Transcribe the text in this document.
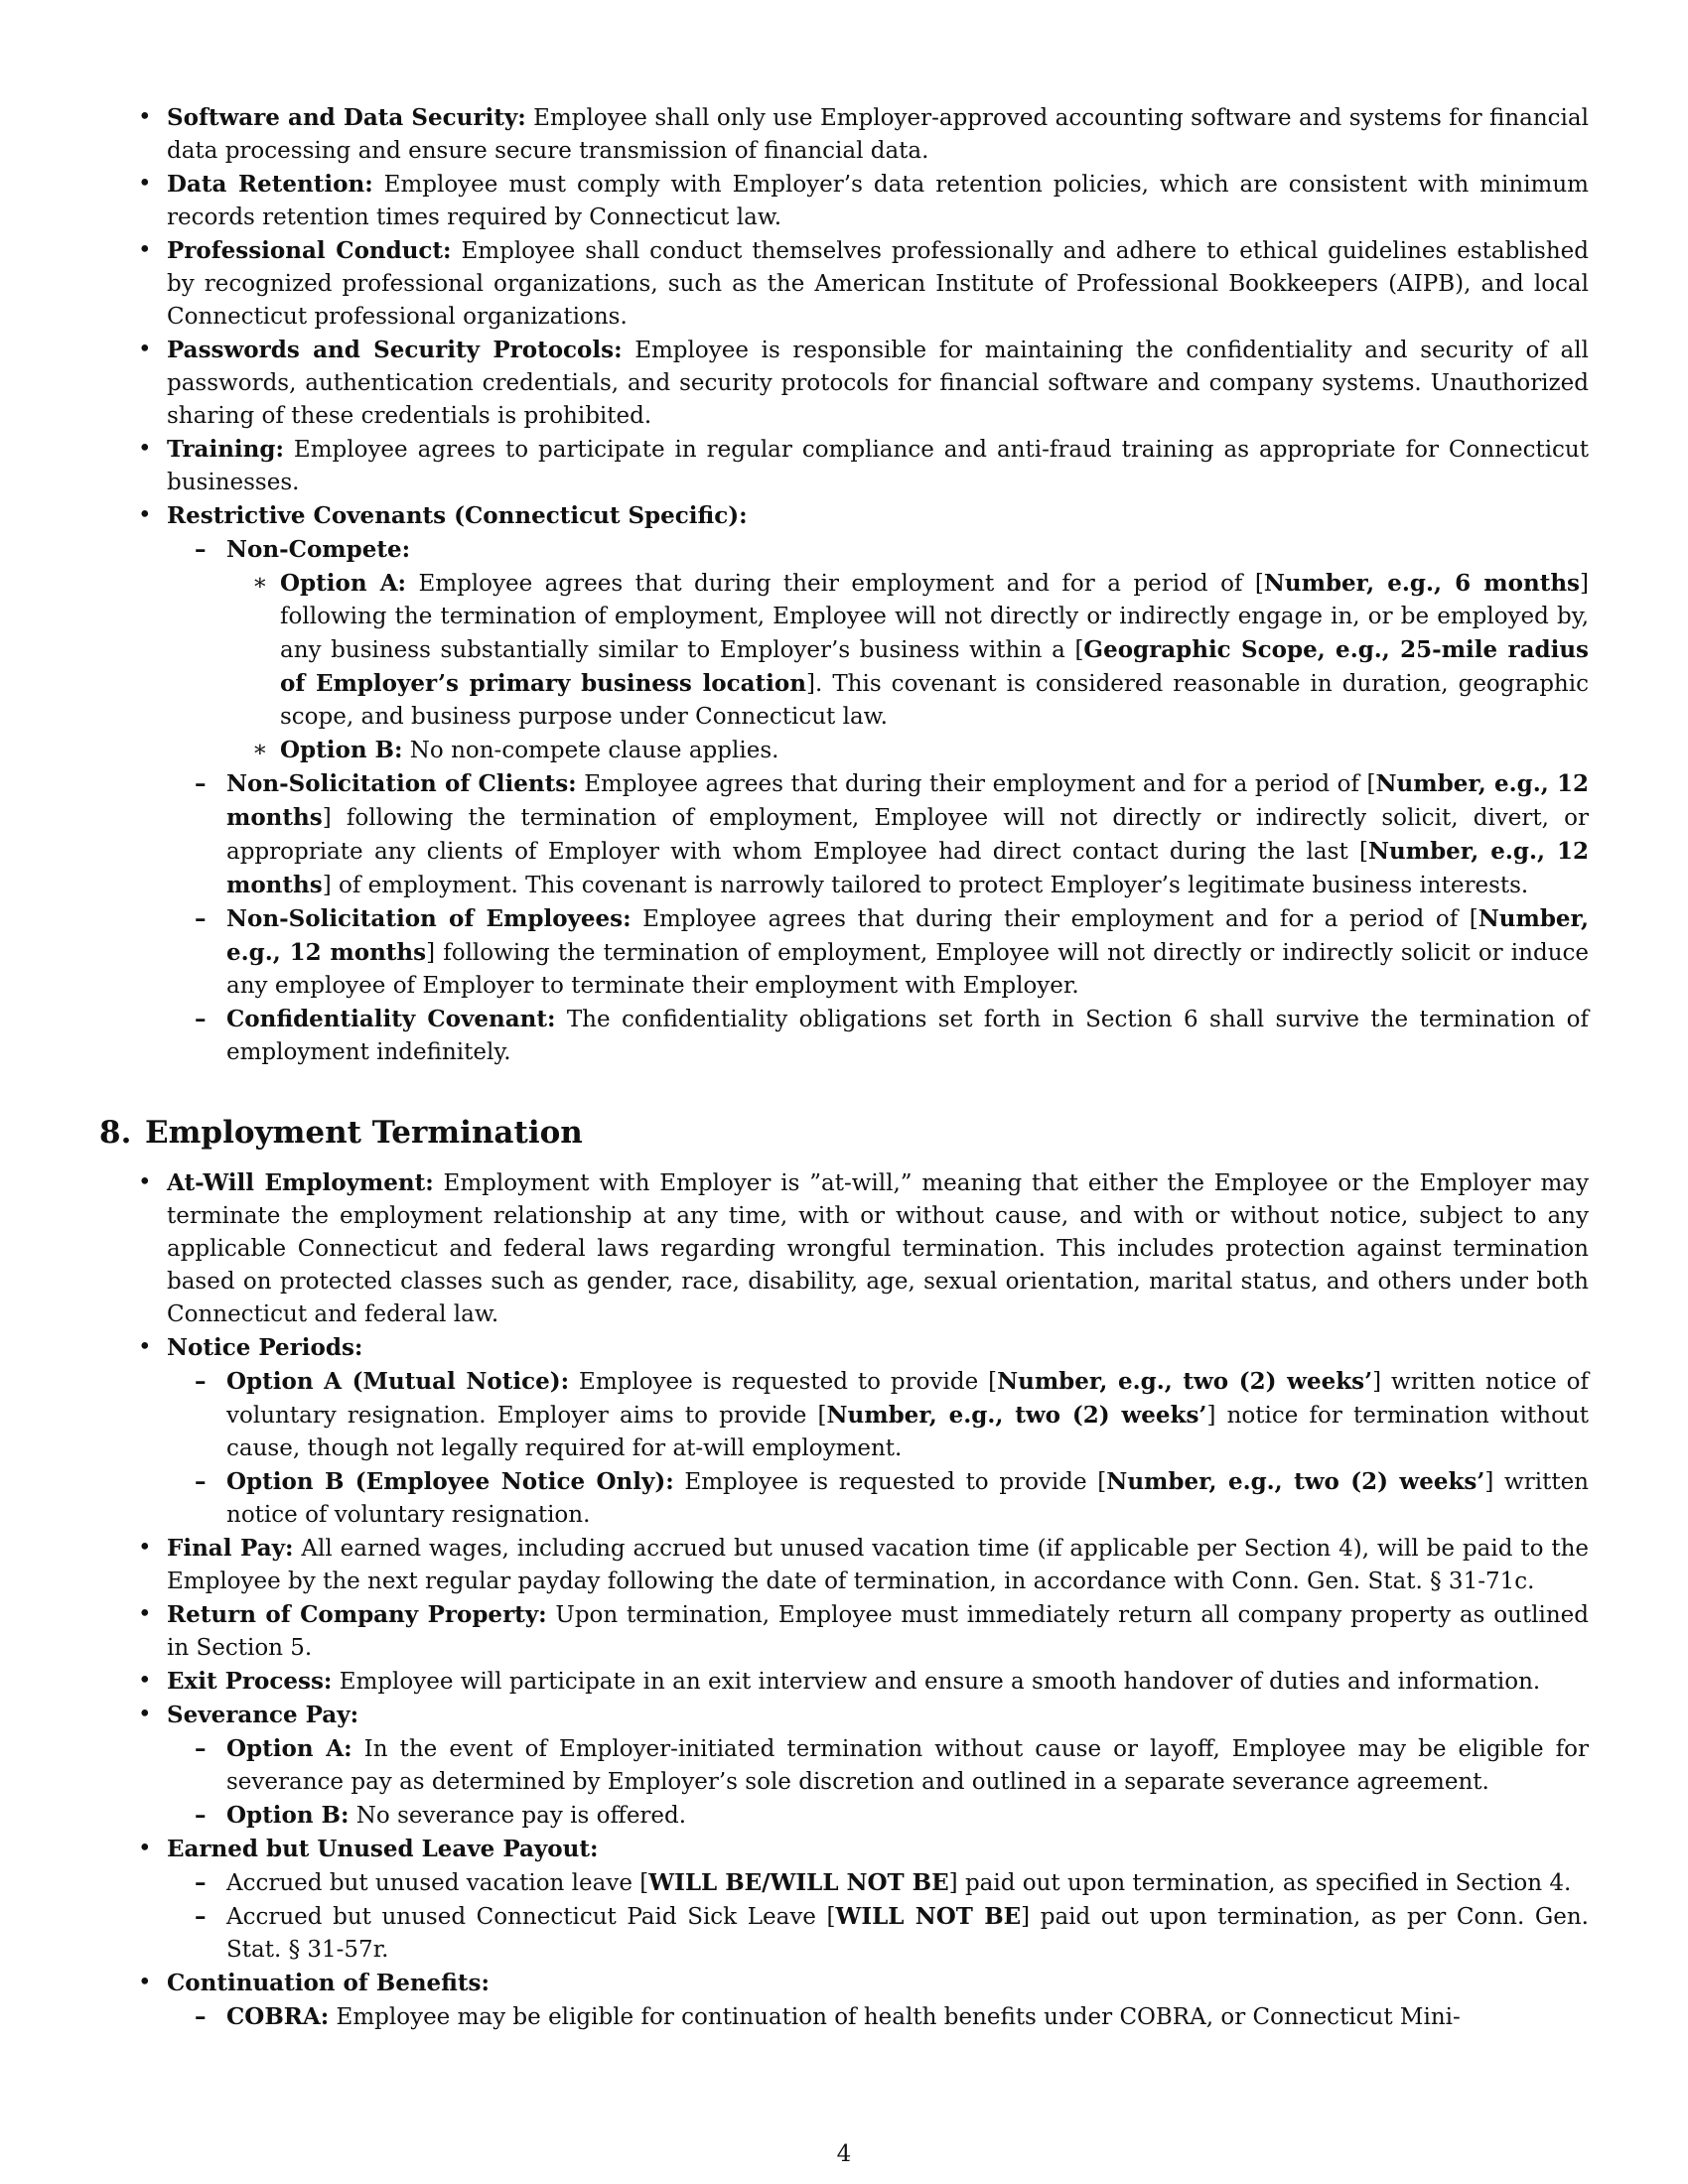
• Software and Data Security: Employee shall only use Employer-approved accounting software and systems for financial data processing and ensure secure transmission of financial data.
• Data Retention: Employee must comply with Employer’s data retention policies, which are consistent with minimum records retention times required by Connecticut law.
• Professional Conduct: Employee shall conduct themselves professionally and adhere to ethical guidelines established by recognized professional organizations, such as the American Institute of Professional Bookkeepers (AIPB), and local Connecticut professional organizations.
• Passwords and Security Protocols: Employee is responsible for maintaining the confidentiality and security of all passwords, authentication credentials, and security protocols for financial software and company systems. Unauthorized sharing of these credentials is prohibited.
• Training: Employee agrees to participate in regular compliance and anti-fraud training as appropriate for Connecticut businesses.
• Restrictive Covenants (Connecticut Specific):
– Non-Compete:
∗ Option A: Employee agrees that during their employment and for a period of [Number, e.g., 6 months] following the termination of employment, Employee will not directly or indirectly engage in, or be employed by, any business substantially similar to Employer’s business within a [Geographic Scope, e.g., 25-mile radius of Employer’s primary business location]. This covenant is considered reasonable in duration, geographic scope, and business purpose under Connecticut law.
∗ Option B: No non-compete clause applies.
– Non-Solicitation of Clients: Employee agrees that during their employment and for a period of [Number, e.g., 12 months] following the termination of employment, Employee will not directly or indirectly solicit, divert, or appropriate any clients of Employer with whom Employee had direct contact during the last [Number, e.g., 12 months] of employment. This covenant is narrowly tailored to protect Employer’s legitimate business interests.
– Non-Solicitation of Employees: Employee agrees that during their employment and for a period of [Number, e.g., 12 months] following the termination of employment, Employee will not directly or indirectly solicit or induce any employee of Employer to terminate their employment with Employer.
– Confidentiality Covenant: The confidentiality obligations set forth in Section 6 shall survive the termination of employment indefinitely.
8. Employment Termination
• At-Will Employment: Employment with Employer is ”at-will,” meaning that either the Employee or the Employer may terminate the employment relationship at any time, with or without cause, and with or without notice, subject to any applicable Connecticut and federal laws regarding wrongful termination. This includes protection against termination based on protected classes such as gender, race, disability, age, sexual orientation, marital status, and others under both Connecticut and federal law.
• Notice Periods:
– Option A (Mutual Notice): Employee is requested to provide [Number, e.g., two (2) weeks’] written notice of voluntary resignation. Employer aims to provide [Number, e.g., two (2) weeks’] notice for termination without cause, though not legally required for at-will employment.
– Option B (Employee Notice Only): Employee is requested to provide [Number, e.g., two (2) weeks’] written notice of voluntary resignation.
• Final Pay: All earned wages, including accrued but unused vacation time (if applicable per Section 4), will be paid to the Employee by the next regular payday following the date of termination, in accordance with Conn. Gen. Stat. § 31-71c.
• Return of Company Property: Upon termination, Employee must immediately return all company property as outlined in Section 5.
• Exit Process: Employee will participate in an exit interview and ensure a smooth handover of duties and information.
• Severance Pay:
– Option A: In the event of Employer-initiated termination without cause or layoff, Employee may be eligible for severance pay as determined by Employer’s sole discretion and outlined in a separate severance agreement.
– Option B: No severance pay is offered.
• Earned but Unused Leave Payout:
– Accrued but unused vacation leave [WILL BE/WILL NOT BE] paid out upon termination, as specified in Section 4.
– Accrued but unused Connecticut Paid Sick Leave [WILL NOT BE] paid out upon termination, as per Conn. Gen. Stat. § 31-57r.
• Continuation of Benefits:
– COBRA: Employee may be eligible for continuation of health benefits under COBRA, or Connecticut Mini-
4
